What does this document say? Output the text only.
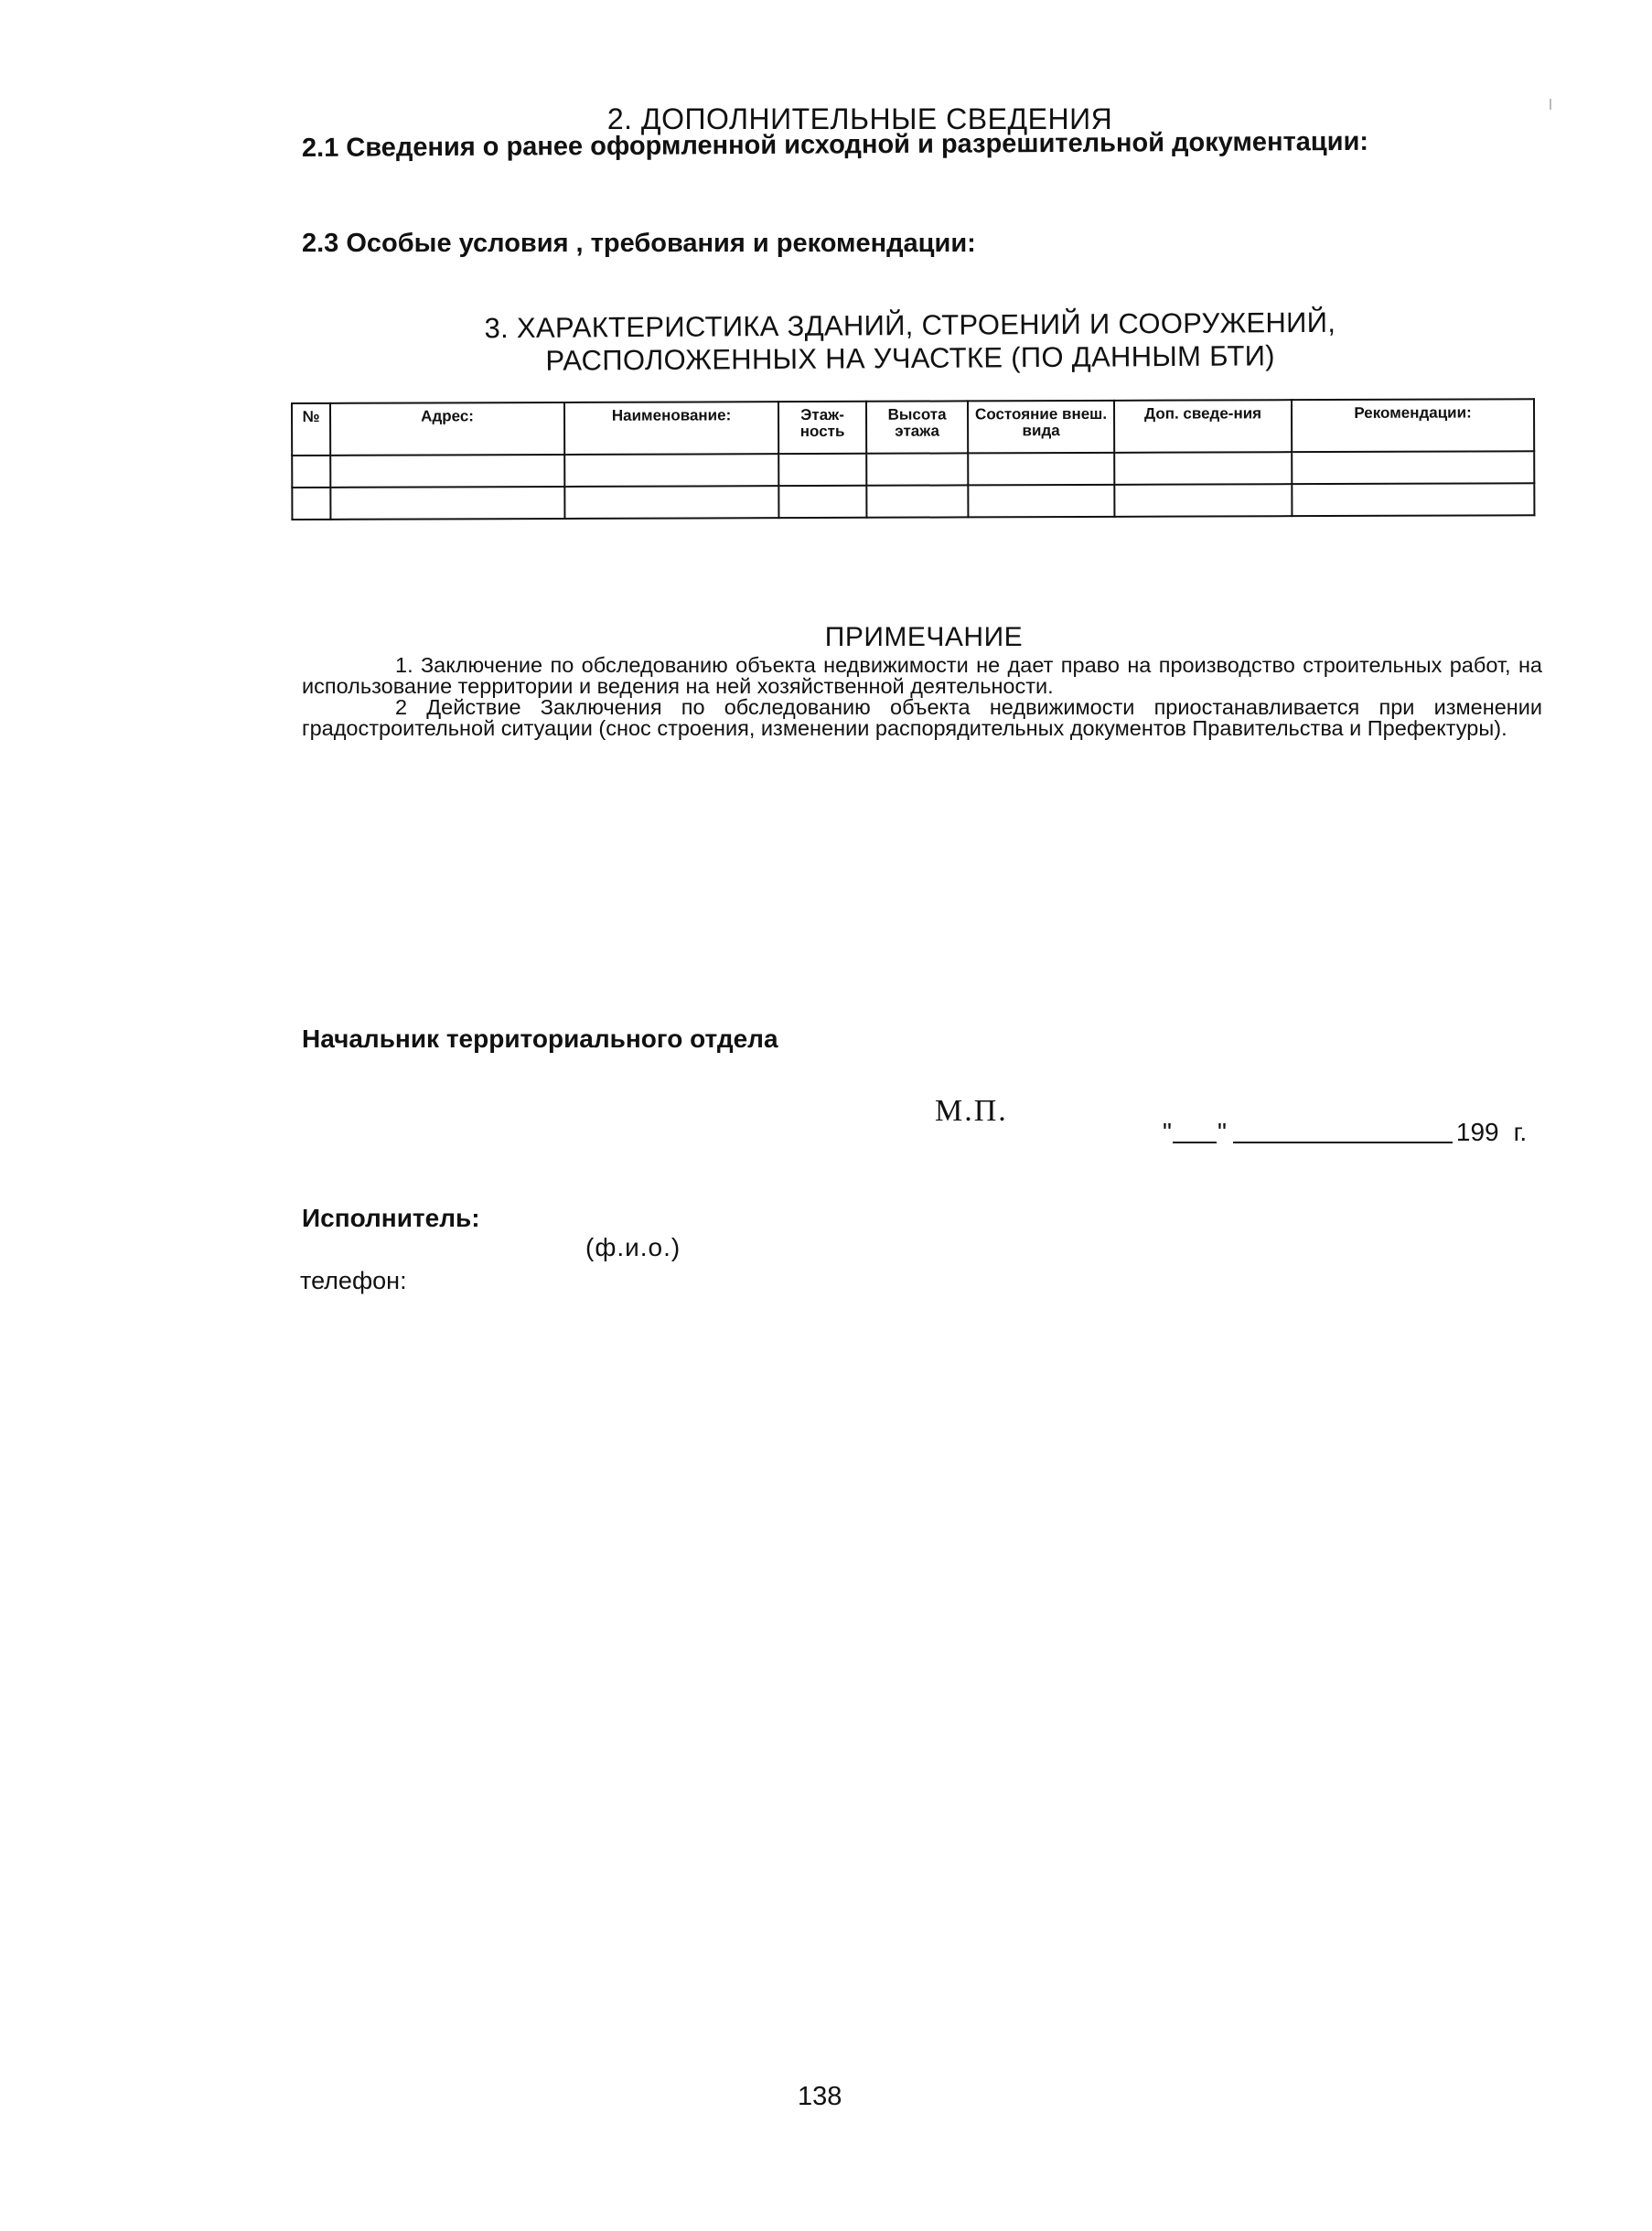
2. ДОПОЛНИТЕЛЬНЫЕ СВЕДЕНИЯ
2.1 Сведения о ранее оформленной исходной и разрешительной документации:
2.3 Особые условия , требования и рекомендации:
3. ХАРАКТЕРИСТИКА ЗДАНИЙ, СТРОЕНИЙ И СООРУЖЕНИЙ,
РАСПОЛОЖЕННЫХ НА УЧАСТКЕ (ПО ДАННЫМ БТИ)
№	Адрес:	Наименование:	Этаж-ность	Высота этажа	Состояние внеш. вида	Доп. сведе-ния	Рекомендации:

ПРИМЕЧАНИЕ

1. Заключение по обследованию объекта недвижимости не дает право на производство строительных работ, на использование территории и ведения на ней хозяйственной деятельности.

2 Действие Заключения по обследованию объекта недвижимости приостанавливается при изменении градостроительной ситуации (снос строения, изменении распорядительных документов Правительства и Префектуры).

Начальник территориального отдела
М.П.
" "	199 г.
Исполнитель:
(ф.и.о.)
телефон:
138
